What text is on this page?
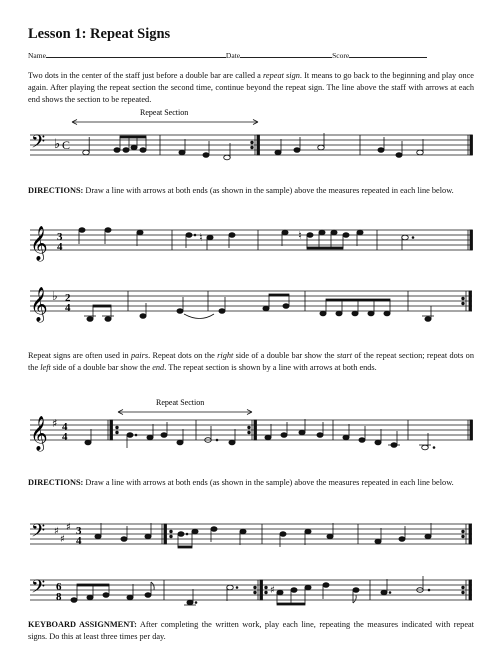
Lesson 1: Repeat Signs
Name	Date	Score
Two dots in the center of the staff just before a double bar are called a repeat sign. It means to go back to the beginning and play once again. After playing the repeat section the second time, continue beyond the repeat sign. The line above the staff with arrows at each end shows the section to be repeated.
Repeat Section
𝄢 ♭ C
DIRECTIONS: Draw a line with arrows at both ends (as shown in the sample) above the measures repeated in each line below.
𝄞 3
4
♮	♮
𝄞 ♭ 2
4
Repeat signs are often used in pairs. Repeat dots on the right side of a double bar show the start of the repeat section; repeat dots on the left side of a double bar show the end. The repeat section is shown by a line with arrows at both ends.
Repeat Section
𝄞 ♯ 4
4
DIRECTIONS: Draw a line with arrows at both ends (as shown in the sample) above the measures repeated in each line below.
𝄢 ♯
♯
♯ 3
4
𝄢 6
8
♯
KEYBOARD ASSIGNMENT: After completing the written work, play each line, repeating the measures indicated with repeat signs. Do this at least three times per day.
